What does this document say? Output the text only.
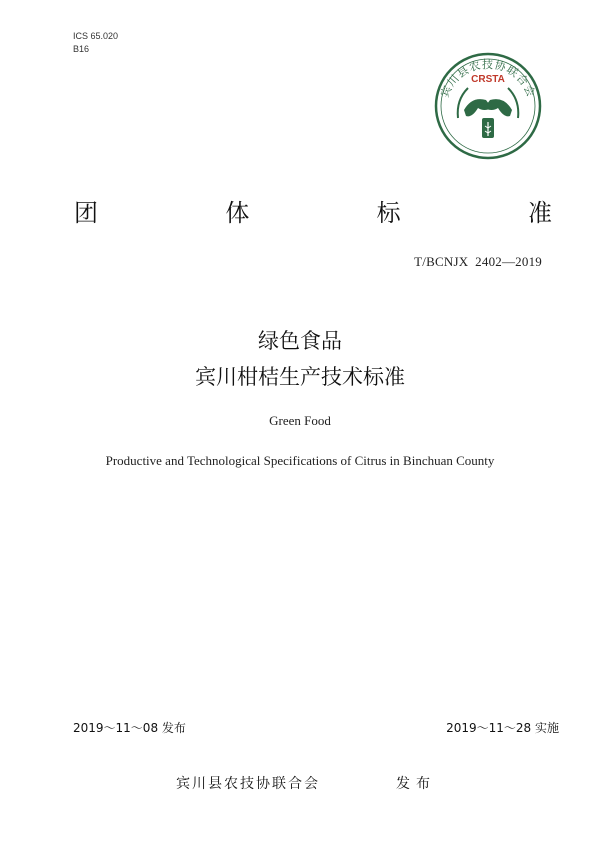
ICS 65.020
B16
宾川县农技协联合会
CRSTA
团	体	标	准
T/BCNJX  2402—2019
绿色食品
宾川柑桔生产技术标准
Green Food
Productive and Technological Specifications of Citrus in Binchuan County
2019～11～08 发布	2019～11～28 实施
宾川县农技协联合会	发布
